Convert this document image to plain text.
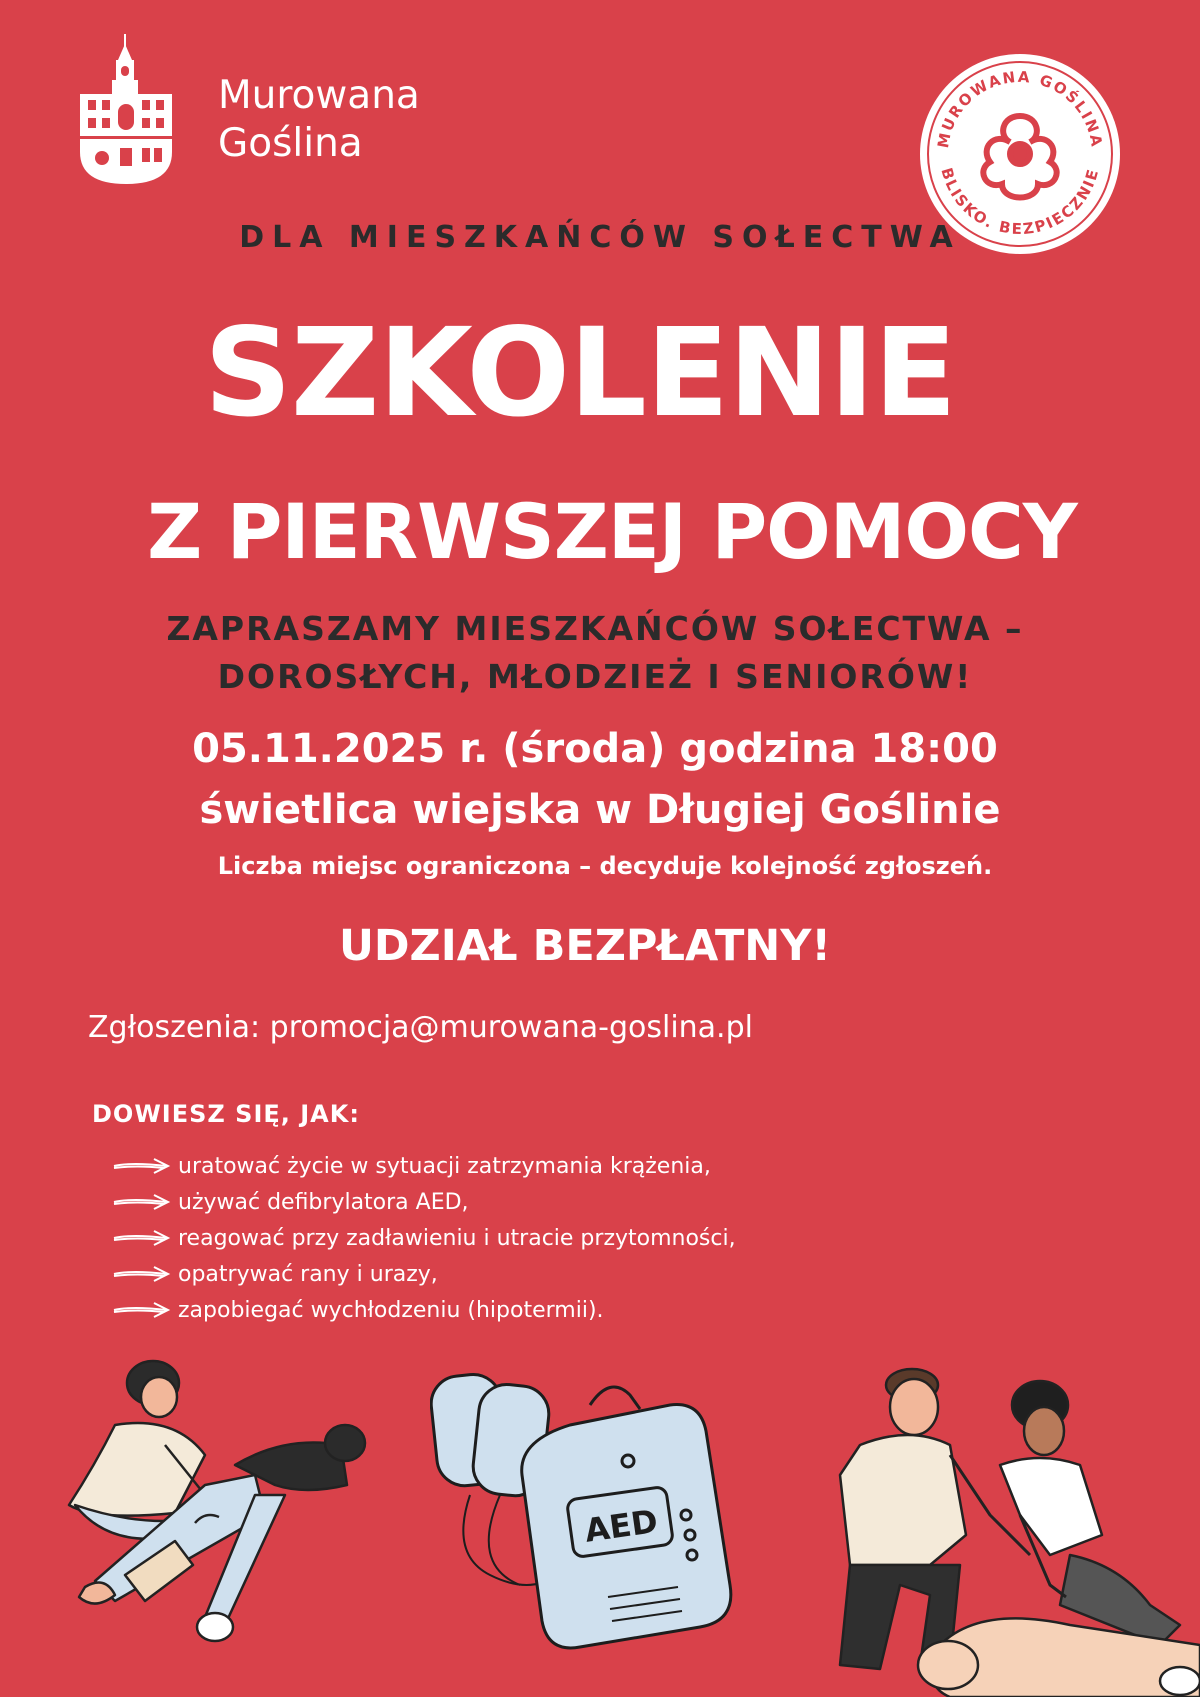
Murowana
Goślina	MUROWANA GOŚLINA
BLISKO. BEZPIECZNIE
DLA MIESZKAŃCÓW SOŁECTWA
SZKOLENIE
Z PIERWSZEJ POMOCY
ZAPRASZAMY MIESZKAŃCÓW SOŁECTWA –
DOROSŁYCH, MŁODZIEŻ I SENIORÓW!
05.11.2025 r. (środa) godzina 18:00
świetlica wiejska w Długiej Goślinie
Liczba miejsc ograniczona – decyduje kolejność zgłoszeń.
UDZIAŁ BEZPŁATNY!
Zgłoszenia: promocja@murowana-goslina.pl
DOWIESZ SIĘ, JAK:
uratować życie w sytuacji zatrzymania krążenia,
używać defibrylatora AED,
reagować przy zadławieniu i utracie przytomności,
opatrywać rany i urazy,
zapobiegać wychłodzeniu (hipotermii).
AED
